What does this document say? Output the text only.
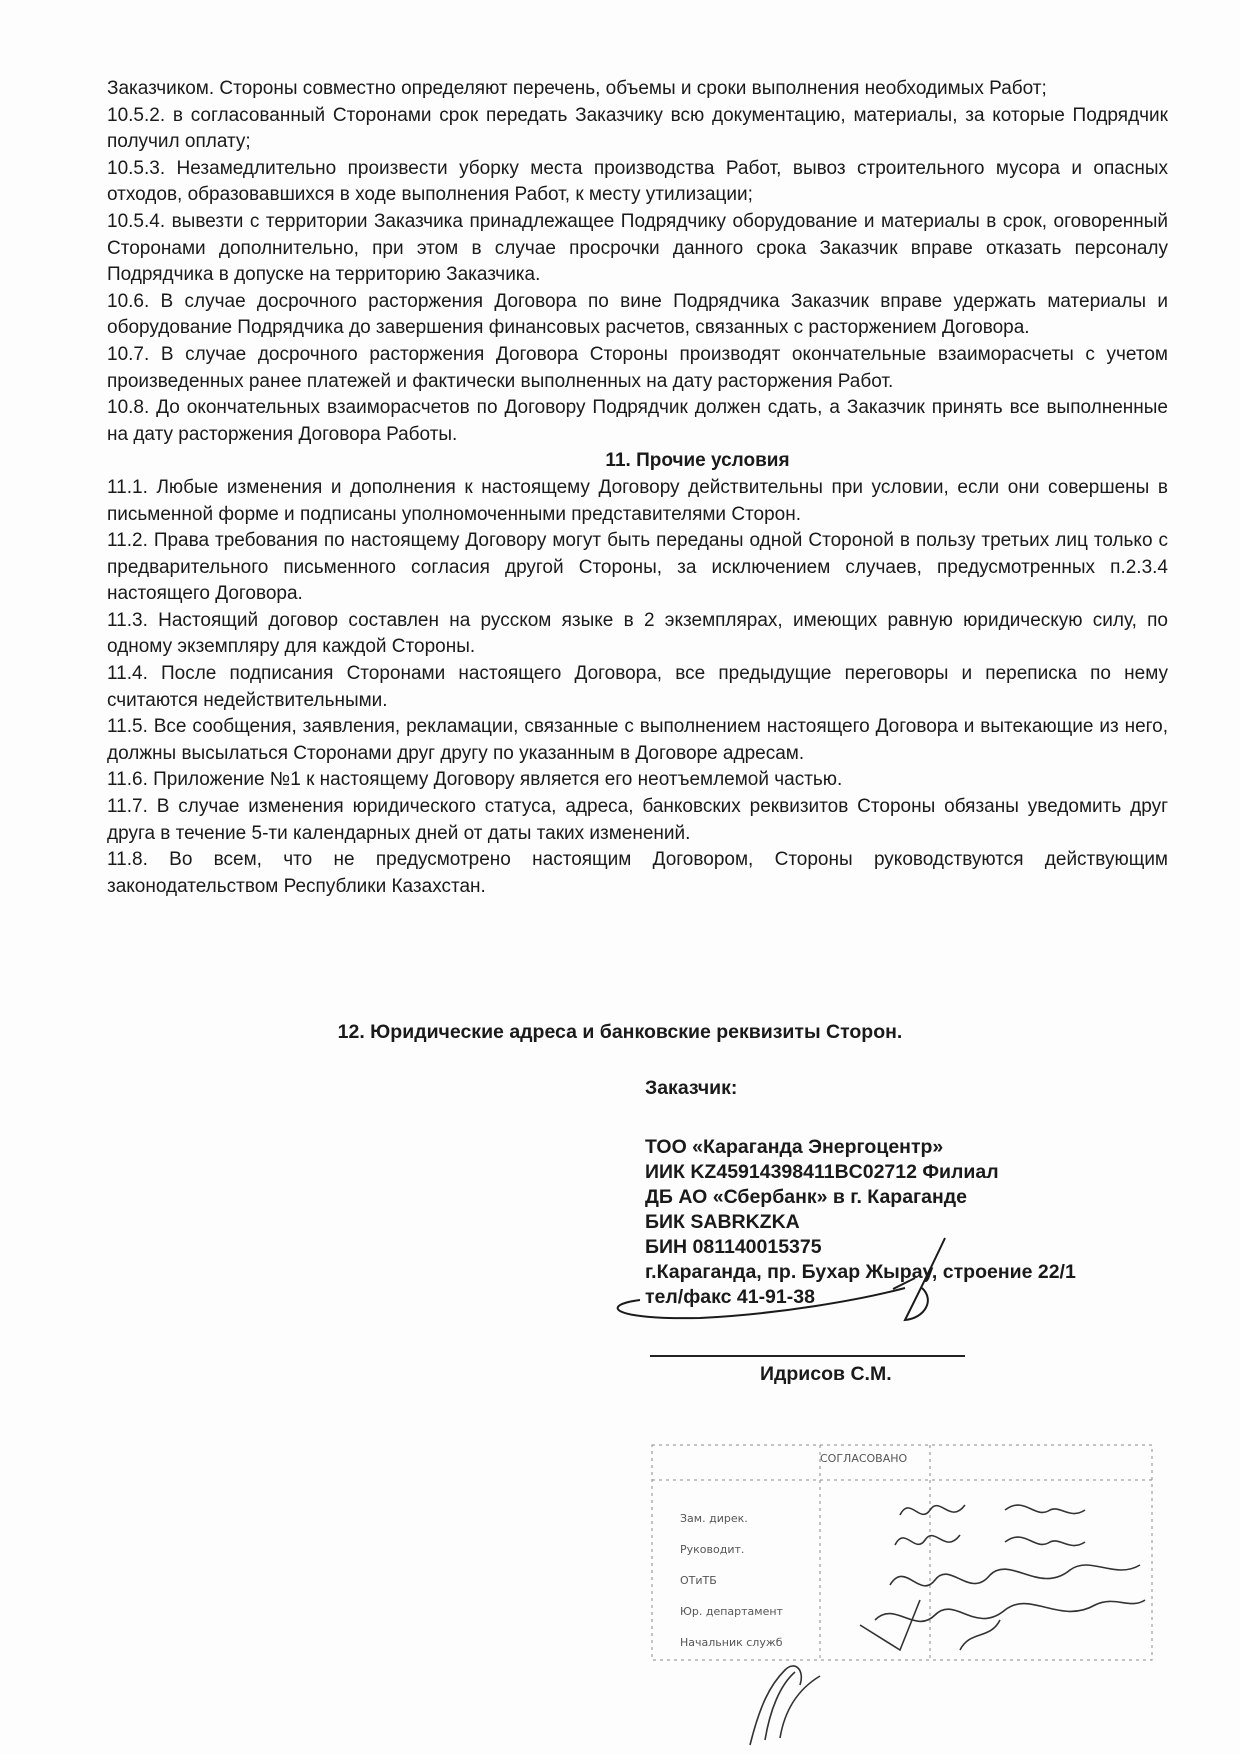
Заказчиком. Стороны совместно определяют перечень, объемы и сроки выполнения необходимых Работ;

10.5.2. в согласованный Сторонами срок передать Заказчику всю документацию, материалы, за которые Подрядчик получил оплату;

10.5.3. Незамедлительно произвести уборку места производства Работ, вывоз строительного мусора и опасных отходов, образовавшихся в ходе выполнения Работ, к месту утилизации;

10.5.4. вывезти с территории Заказчика принадлежащее Подрядчику оборудование и материалы в срок, оговоренный Сторонами дополнительно, при этом в случае просрочки данного срока Заказчик вправе отказать персоналу Подрядчика в допуске на территорию Заказчика.

10.6. В случае досрочного расторжения Договора по вине Подрядчика Заказчик вправе удержать материалы и оборудование Подрядчика до завершения финансовых расчетов, связанных с расторжением Договора.

10.7. В случае досрочного расторжения Договора Стороны производят окончательные взаиморасчеты с учетом произведенных ранее платежей и фактически выполненных на дату расторжения Работ.

10.8. До окончательных взаиморасчетов по Договору Подрядчик должен сдать, а Заказчик принять все выполненные на дату расторжения Договора Работы.

11. Прочие условия

11.1. Любые изменения и дополнения к настоящему Договору действительны при условии, если они совершены в письменной форме и подписаны уполномоченными представителями Сторон.

11.2. Права требования по настоящему Договору могут быть переданы одной Стороной в пользу третьих лиц только с предварительного письменного согласия другой Стороны, за исключением случаев, предусмотренных п.2.3.4 настоящего Договора.

11.3. Настоящий договор составлен на русском языке в 2 экземплярах, имеющих равную юридическую силу, по одному экземпляру для каждой Стороны.

11.4. После подписания Сторонами настоящего Договора, все предыдущие переговоры и переписка по нему считаются недействительными.

11.5. Все сообщения, заявления, рекламации, связанные с выполнением настоящего Договора и вытекающие из него, должны высылаться Сторонами друг другу по указанным в Договоре адресам.

11.6. Приложение №1 к настоящему Договору является его неотъемлемой частью.

11.7. В случае изменения юридического статуса, адреса, банковских реквизитов Стороны обязаны уведомить друг друга в течение 5-ти календарных дней от даты таких изменений.

11.8. Во всем, что не предусмотрено настоящим Договором, Стороны руководствуются действующим законодательством Республики Казахстан.

12. Юридические адреса и банковские реквизиты Сторон.
Заказчик:
ТОО «Караганда Энергоцентр»
ИИК KZ45914398411BC02712 Филиал
ДБ АО «Сбербанк» в г. Караганде
БИК SABRKZKA
БИН 081140015375
г.Караганда, пр. Бухар Жырау, строение 22/1
тел/факс 41-91-38
Идрисов С.М.
СОГЛАСОВАНО
Зам. дирек.
Руководит.
ОТиТБ
Юр. департамент
Начальник служб
